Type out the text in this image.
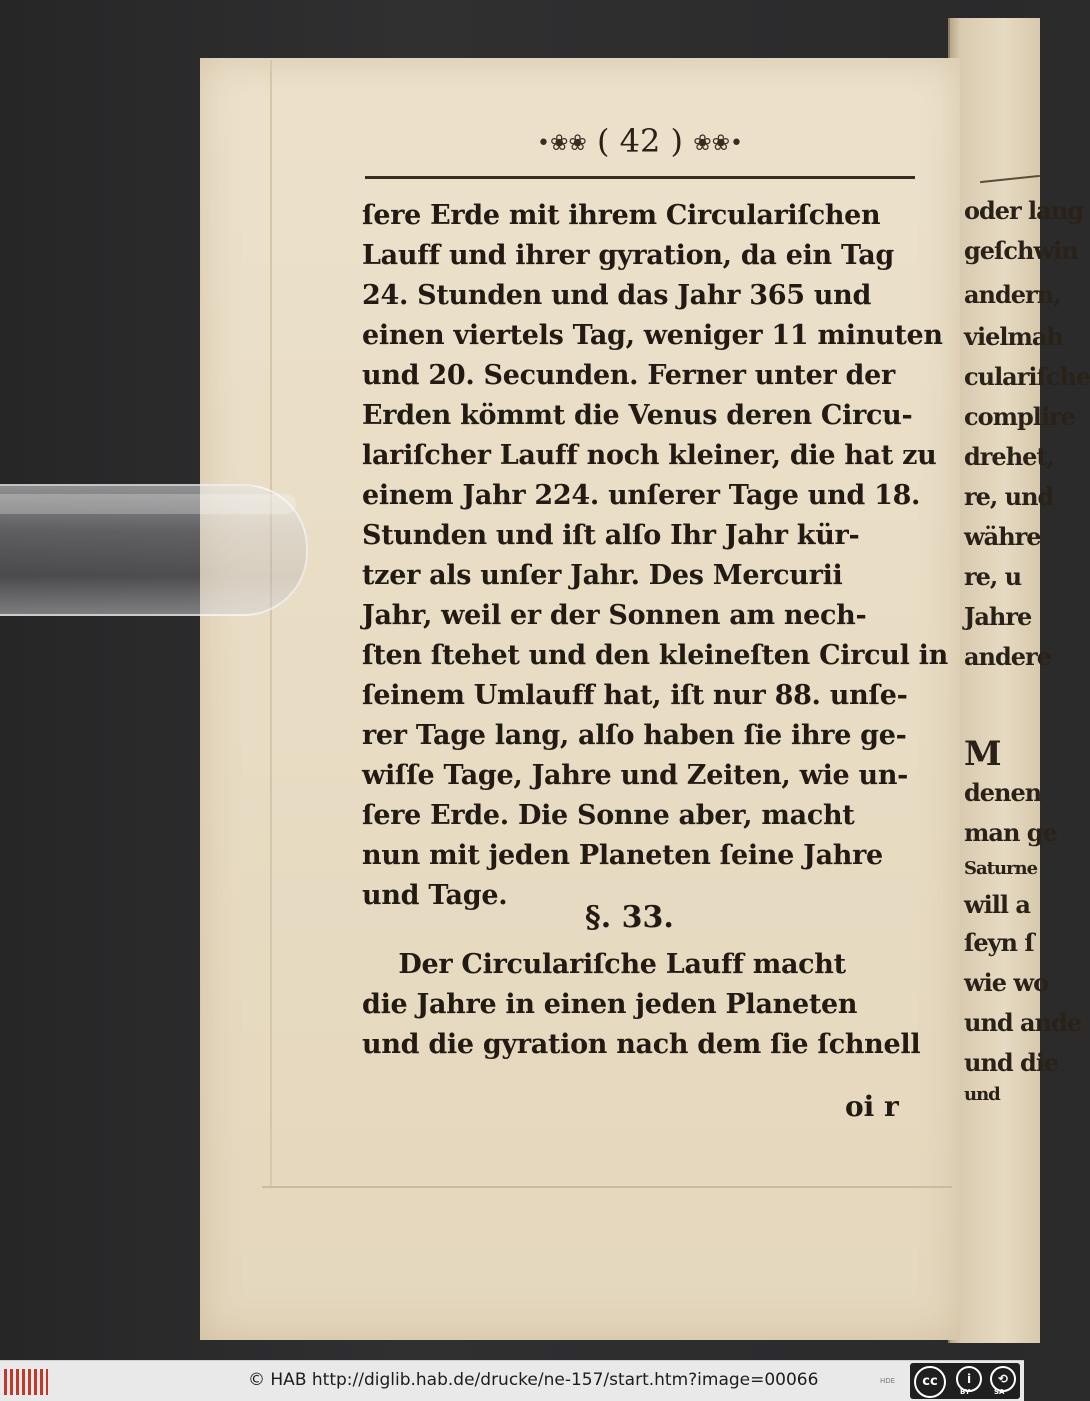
oder lang
geſchwin
andern,
vielmah
culariſche
complire
drehet,
re, und
währe
re, u
Jahre
andere
M
denen
man ge
Saturne
will a
ſeyn ſ
wie wo
und ande
und die
und
•❀❀ ( 42 ) ❀❀•
ſere Erde mit ihrem Circulariſchen
Lauff und ihrer gyration, da ein Tag
24. Stunden und das Jahr 365 und
einen viertels Tag, weniger 11 minuten
und 20. Secunden. Ferner unter der
Erden kömmt die Venus deren Circu-
lariſcher Lauff noch kleiner, die hat zu
einem Jahr 224. unſerer Tage und 18.
Stunden und iſt alſo Ihr Jahr kür-
tzer als unſer Jahr. Des Mercurii
Jahr, weil er der Sonnen am nech-
ſten ſtehet und den kleineſten Circul in
ſeinem Umlauff hat, iſt nur 88. unſe-
rer Tage lang, alſo haben ſie ihre ge-
wiſſe Tage, Jahre und Zeiten, wie un-
ſere Erde. Die Sonne aber, macht
nun mit jeden Planeten ſeine Jahre
und Tage.
§. 33.
Der Circulariſche Lauff macht
die Jahre in einen jeden Planeten
und die gyration nach dem ſie ſchnell
oi r
© HAB http://diglib.hab.de/drucke/ne-157/start.htm?image=00066	HDE	cc	i	⟲
BY	SA
